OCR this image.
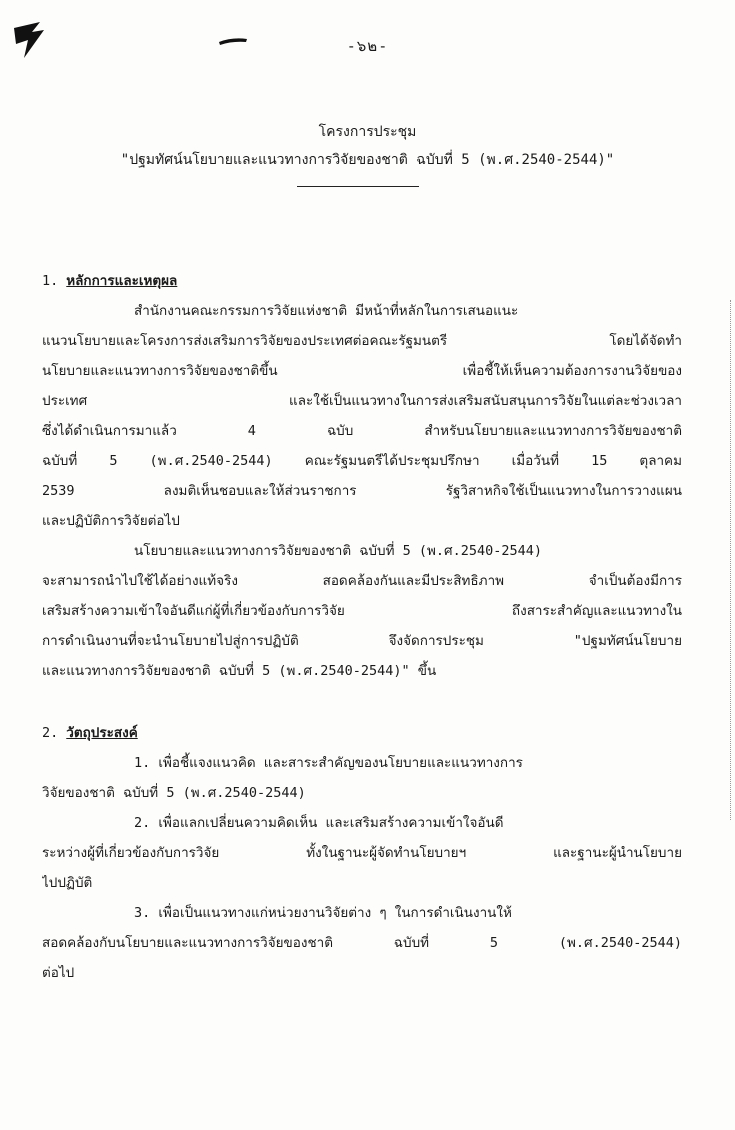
-๖๒-
โครงการประชุม
"ปฐมทัศน์นโยบายและแนวทางการวิจัยของชาติ ฉบับที่ 5 (พ.ศ.2540-2544)"
1. หลักการและเหตุผล
สำนักงานคณะกรรมการวิจัยแห่งชาติ มีหน้าที่หลักในการเสนอแนะ
แนวนโยบายและโครงการส่งเสริมการวิจัยของประเทศต่อคณะรัฐมนตรี โดยได้จัดทำ
นโยบายและแนวทางการวิจัยของชาติขึ้น เพื่อชี้ให้เห็นความต้องการงานวิจัยของ
ประเทศ และใช้เป็นแนวทางในการส่งเสริมสนับสนุนการวิจัยในแต่ละช่วงเวลา
ซึ่งได้ดำเนินการมาแล้ว 4 ฉบับ สำหรับนโยบายและแนวทางการวิจัยของชาติ
ฉบับที่ 5 (พ.ศ.2540-2544) คณะรัฐมนตรีได้ประชุมปรึกษา เมื่อวันที่ 15 ตุลาคม
2539 ลงมติเห็นชอบและให้ส่วนราชการ รัฐวิสาหกิจใช้เป็นแนวทางในการวางแผน
และปฏิบัติการวิจัยต่อไป
นโยบายและแนวทางการวิจัยของชาติ ฉบับที่ 5 (พ.ศ.2540-2544)
จะสามารถนำไปใช้ได้อย่างแท้จริง สอดคล้องกันและมีประสิทธิภาพ จำเป็นต้องมีการ
เสริมสร้างความเข้าใจอันดีแก่ผู้ที่เกี่ยวข้องกับการวิจัย ถึงสาระสำคัญและแนวทางใน
การดำเนินงานที่จะนำนโยบายไปสู่การปฏิบัติ จึงจัดการประชุม "ปฐมทัศน์นโยบาย
และแนวทางการวิจัยของชาติ ฉบับที่ 5 (พ.ศ.2540-2544)" ขึ้น
2. วัตถุประสงค์
1. เพื่อชี้แจงแนวคิด และสาระสำคัญของนโยบายและแนวทางการ
วิจัยของชาติ ฉบับที่ 5 (พ.ศ.2540-2544)
2. เพื่อแลกเปลี่ยนความคิดเห็น และเสริมสร้างความเข้าใจอันดี
ระหว่างผู้ที่เกี่ยวข้องกับการวิจัย ทั้งในฐานะผู้จัดทำนโยบายฯ และฐานะผู้นำนโยบาย
ไปปฏิบัติ
3. เพื่อเป็นแนวทางแก่หน่วยงานวิจัยต่าง ๆ ในการดำเนินงานให้
สอดคล้องกับนโยบายและแนวทางการวิจัยของชาติ ฉบับที่ 5 (พ.ศ.2540-2544)
ต่อไป
